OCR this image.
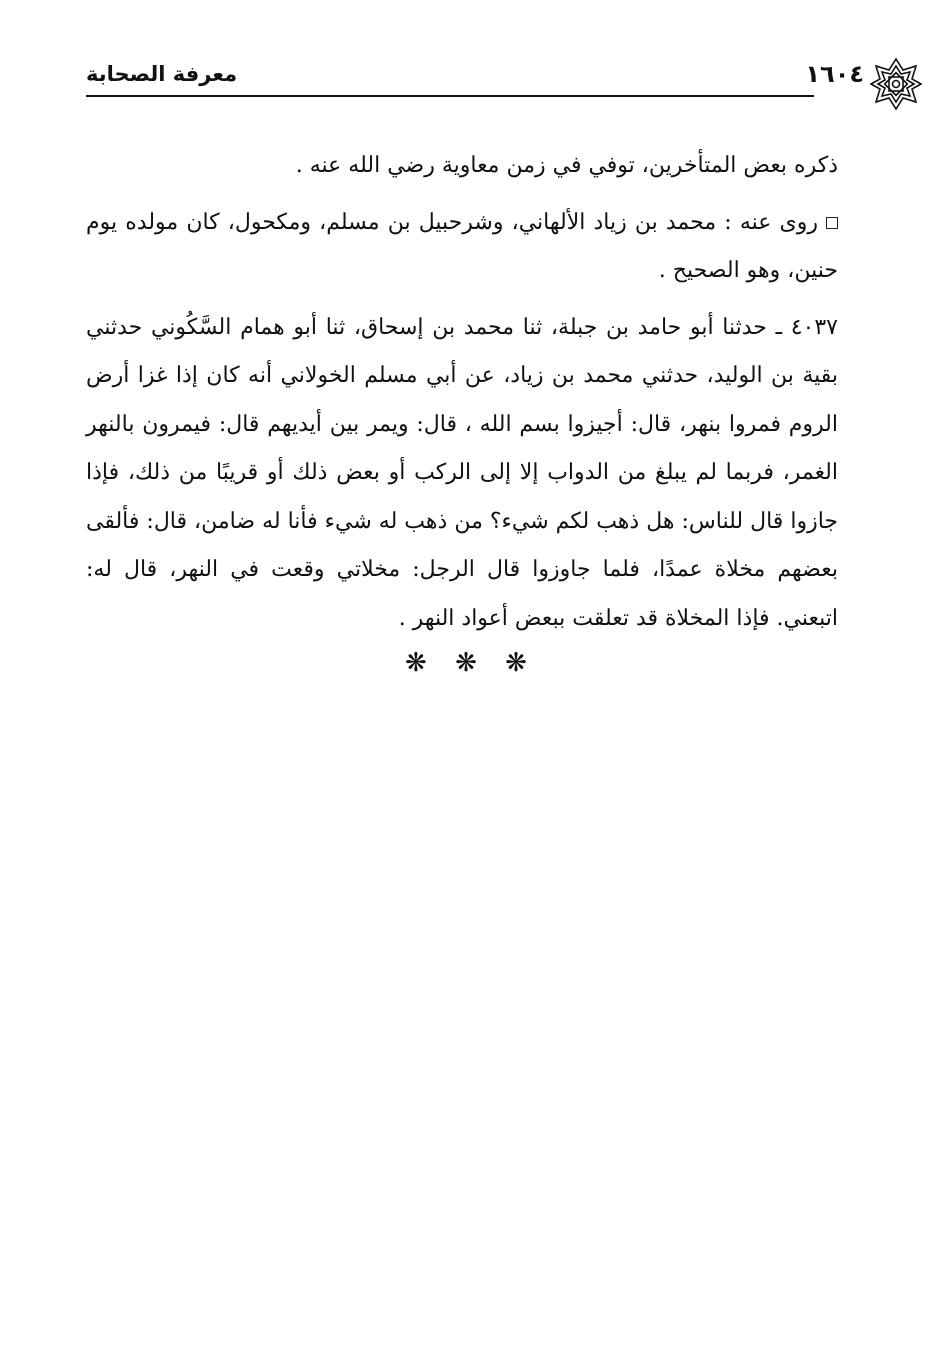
١٦٠٤
معرفة الصحابة

ذكره بعض المتأخرين، توفي في زمن معاوية رضي الله عنه .

روى عنه : محمد بن زياد الألهاني، وشرحبيل بن مسلم، ومكحول، كان مولده يوم حنين، وهو الصحيح .

٤٠٣٧ ـ حدثنا أبو حامد بن جبلة، ثنا محمد بن إسحاق، ثنا أبو همام السَّكُوني حدثني بقية بن الوليد، حدثني محمد بن زياد، عن أبي مسلم الخولاني أنه كان إذا غزا أرض الروم فمروا بنهر، قال: أجيزوا بسم الله ، قال: ويمر بين أيديهم قال: فيمرون بالنهر الغمر، فربما لم يبلغ من الدواب إلا إلى الركب أو بعض ذلك أو قريبًا من ذلك، فإذا جازوا قال للناس: هل ذهب لكم شيء؟ من ذهب له شيء فأنا له ضامن، قال: فألقى بعضهم مخلاة عمدًا، فلما جاوزوا قال الرجل: مخلاتي وقعت في النهر، قال له: اتبعني. فإذا المخلاة قد تعلقت ببعض أعواد النهر .

❋ ❋ ❋
